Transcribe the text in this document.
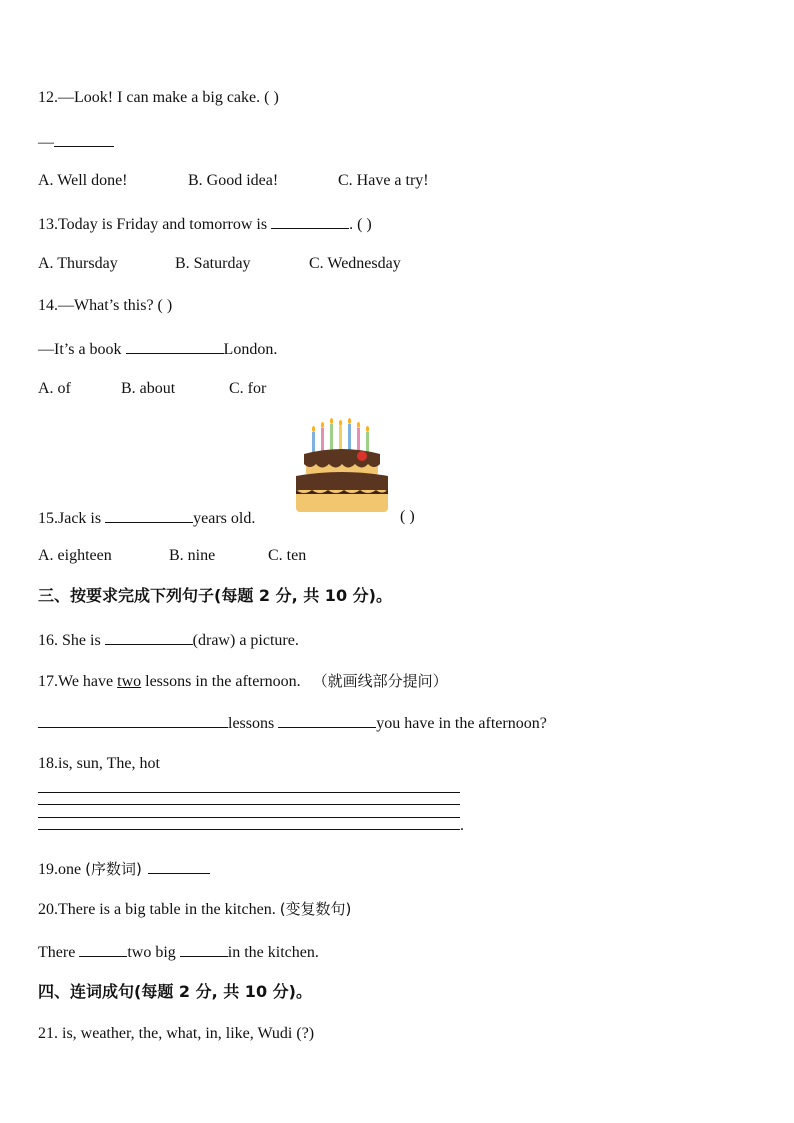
12.—Look! I can make a big cake. ( )
—
A. Well done!	B. Good idea!	C. Have a try!
13.Today is Friday and tomorrow is	. ( )
A. Thursday	B. Saturday	C. Wednesday
14.—What’s this? ( )
—It’s a book	London.
A. of	B. about	C. for
15.Jack is	years old.	( )
A. eighteen	B. nine	C. ten
三、按要求完成下列句子(每题 2 分, 共 10 分)。
16. She is	(draw) a picture.
17.We have two lessons in the afternoon. （就画线部分提问）
lessons	you have in the afternoon?
18.is, sun, The, hot
.
19.one (序数词)
20.There is a big table in the kitchen. (变复数句)
There	two big	in the kitchen.
四、连词成句(每题 2 分, 共 10 分)。
21. is, weather, the, what, in, like, Wudi (?)
